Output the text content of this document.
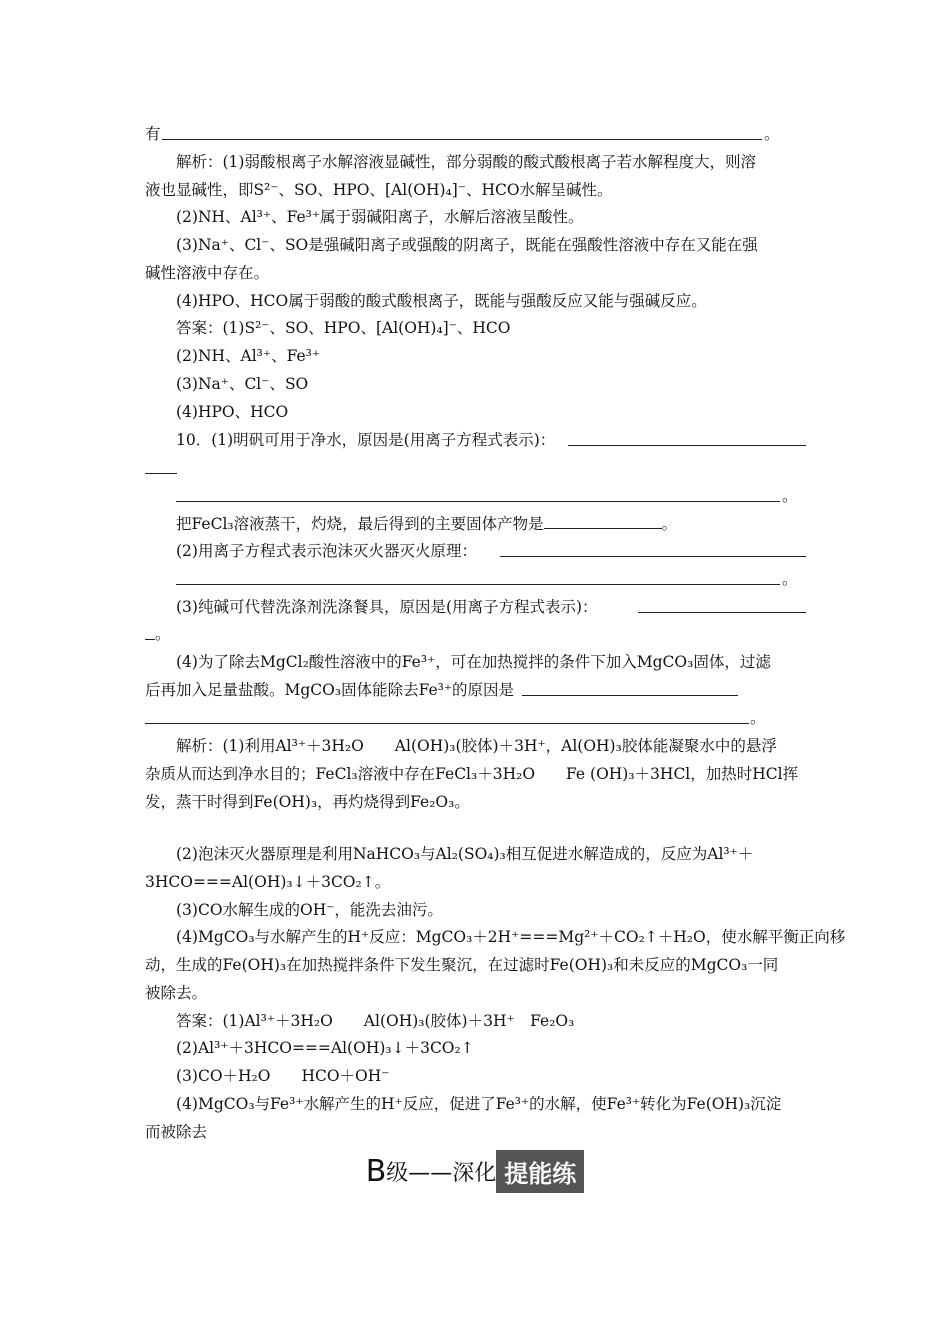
有	。
解析：(1)弱酸根离子水解溶液显碱性，部分弱酸的酸式酸根离子若水解程度大，则溶
液也显碱性，即S²⁻、SO、HPO、[Al(OH)₄]⁻、HCO水解呈碱性。
(2)NH、Al³⁺、Fe³⁺属于弱碱阳离子，水解后溶液呈酸性。
(3)Na⁺、Cl⁻、SO是强碱阳离子或强酸的阴离子，既能在强酸性溶液中存在又能在强
碱性溶液中存在。
(4)HPO、HCO属于弱酸的酸式酸根离子，既能与强酸反应又能与强碱反应。
答案：(1)S²⁻、SO、HPO、[Al(OH)₄]⁻、HCO
(2)NH、Al³⁺、Fe³⁺
(3)Na⁺、Cl⁻、SO
(4)HPO、HCO
10．(1)明矾可用于净水，原因是(用离子方程式表示)：
。
把FeCl₃溶液蒸干，灼烧，最后得到的主要固体产物是	。
(2)用离子方程式表示泡沫灭火器灭火原理：
。
(3)纯碱可代替洗涤剂洗涤餐具，原因是(用离子方程式表示)：
。
(4)为了除去MgCl₂酸性溶液中的Fe³⁺，可在加热搅拌的条件下加入MgCO₃固体，过滤
后再加入足量盐酸。MgCO₃固体能除去Fe³⁺的原因是
。
解析：(1)利用Al³⁺＋3H₂O　　Al(OH)₃(胶体)＋3H⁺，Al(OH)₃胶体能凝聚水中的悬浮
杂质从而达到净水目的；FeCl₃溶液中存在FeCl₃＋3H₂O　　Fe (OH)₃＋3HCl，加热时HCl挥
发，蒸干时得到Fe(OH)₃，再灼烧得到Fe₂O₃。
(2)泡沫灭火器原理是利用NaHCO₃与Al₂(SO₄)₃相互促进水解造成的，反应为Al³⁺＋
3HCO===Al(OH)₃↓＋3CO₂↑。
(3)CO水解生成的OH⁻，能洗去油污。
(4)MgCO₃与水解产生的H⁺反应：MgCO₃＋2H⁺===Mg²⁺＋CO₂↑＋H₂O，使水解平衡正向移
动，生成的Fe(OH)₃在加热搅拌条件下发生聚沉，在过滤时Fe(OH)₃和未反应的MgCO₃一同
被除去。
答案：(1)Al³⁺＋3H₂O　　Al(OH)₃(胶体)＋3H⁺　Fe₂O₃
(2)Al³⁺＋3HCO===Al(OH)₃↓＋3CO₂↑
(3)CO＋H₂O　　HCO＋OH⁻
(4)MgCO₃与Fe³⁺水解产生的H⁺反应，促进了Fe³⁺的水解，使Fe³⁺转化为Fe(OH)₃沉淀
而被除去
B级——深化 提能练
